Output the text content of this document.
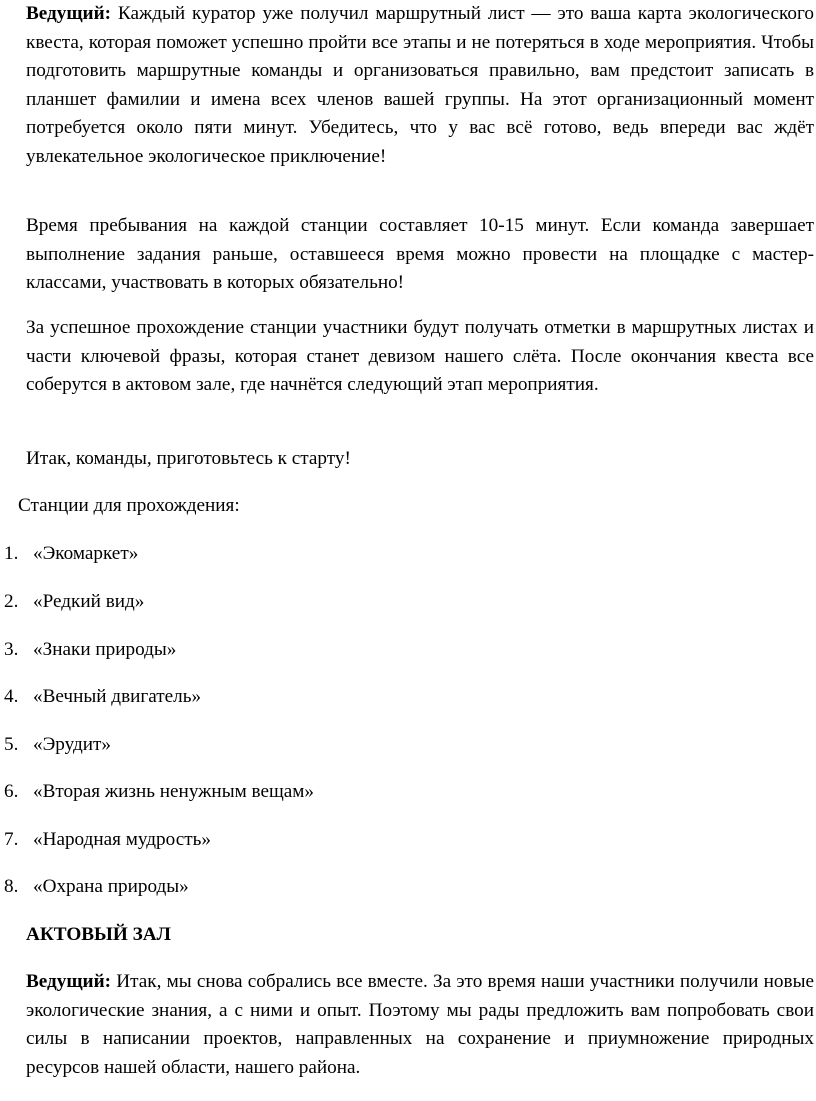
Ведущий: Каждый куратор уже получил маршрутный лист — это ваша карта экологического квеста, которая поможет успешно пройти все этапы и не потеряться в ходе мероприятия. Чтобы подготовить маршрутные команды и организоваться правильно, вам предстоит записать в планшет фамилии и имена всех членов вашей группы. На этот организационный момент потребуется около пяти минут. Убедитесь, что у вас всё готово, ведь впереди вас ждёт увлекательное экологическое приключение!

Время пребывания на каждой станции составляет 10-15 минут. Если команда завершает выполнение задания раньше, оставшееся время можно провести на площадке с мастер-классами, участвовать в которых обязательно!

За успешное прохождение станции участники будут получать отметки в маршрутных листах и части ключевой фразы, которая станет девизом нашего слёта. После окончания квеста все соберутся в актовом зале, где начнётся следующий этап мероприятия.

Итак, команды, приготовьтесь к старту!

Станции для прохождения:

1. «Экомаркет»
2. «Редкий вид»
3. «Знаки природы»
4. «Вечный двигатель»
5. «Эрудит»
6. «Вторая жизнь ненужным вещам»
7. «Народная мудрость»
8. «Охрана природы»

АКТОВЫЙ ЗАЛ

Ведущий: Итак, мы снова собрались все вместе. За это время наши участники получили новые экологические знания, а с ними и опыт. Поэтому мы рады предложить вам попробовать свои силы в написании проектов, направленных на сохранение и приумножение природных ресурсов нашей области, нашего района.
